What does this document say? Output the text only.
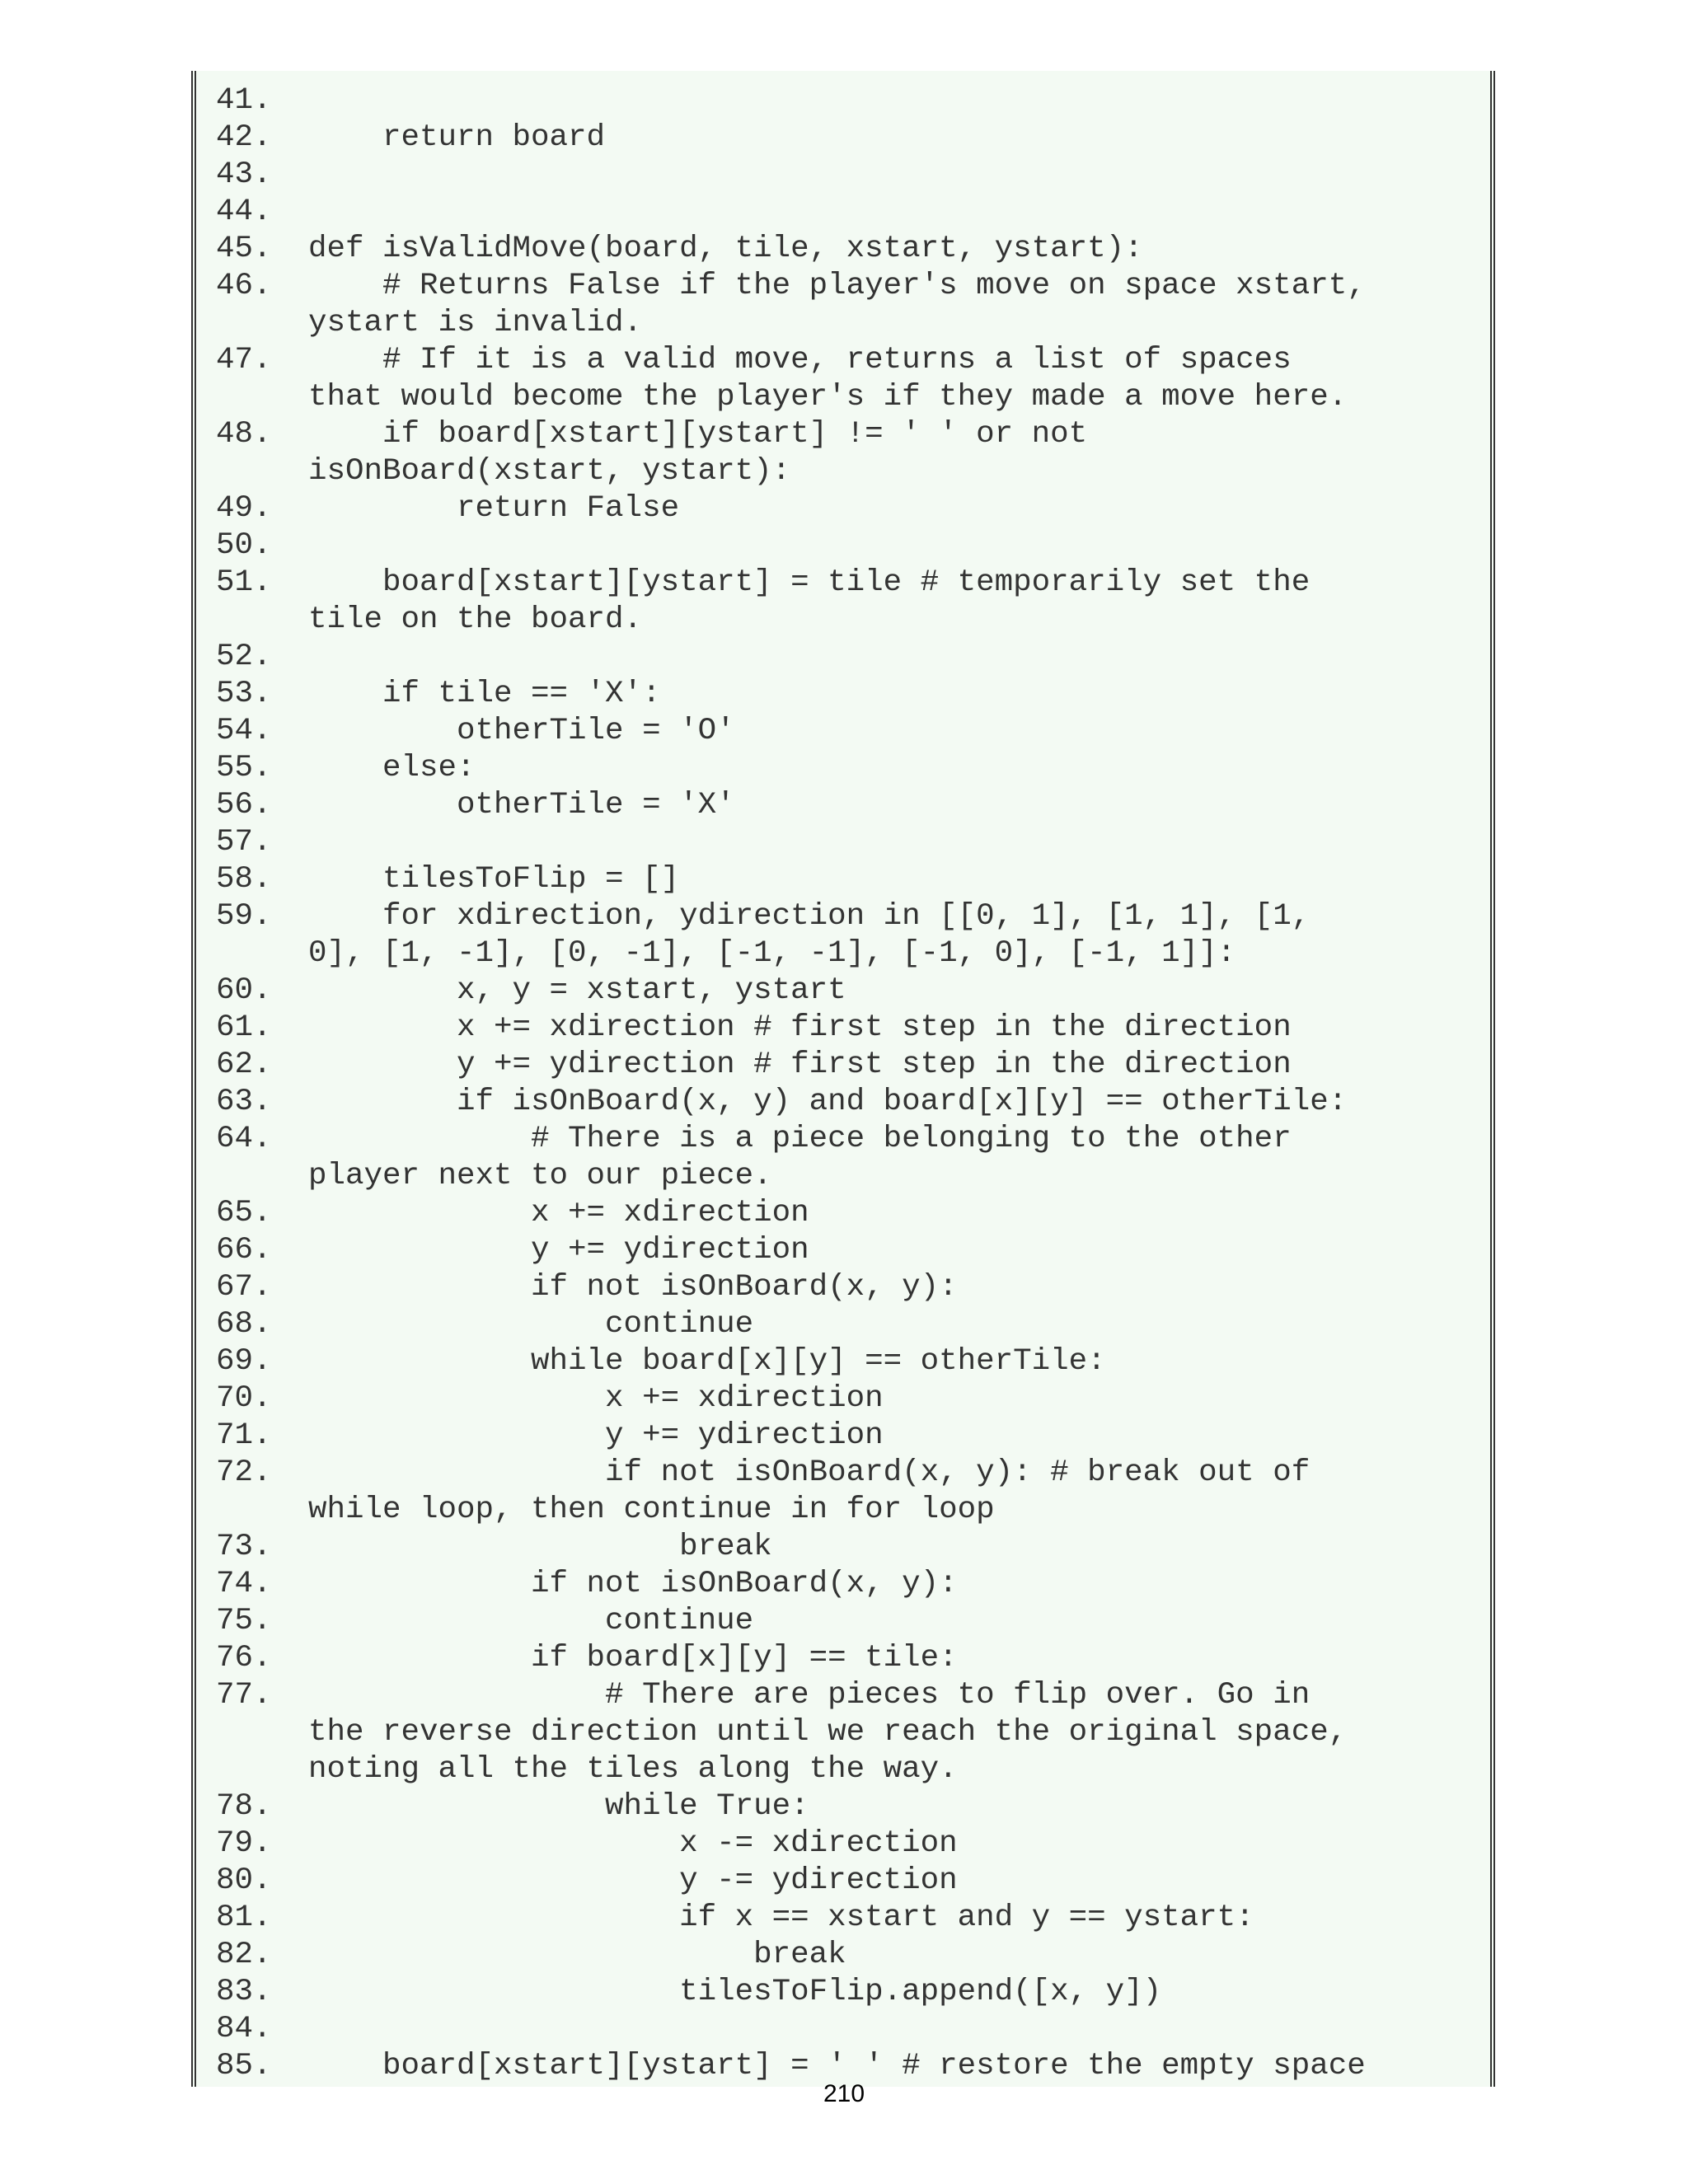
41.
42. return board
43.
44.
45. def isValidMove(board, tile, xstart, ystart):
46. # Returns False if the player's move on space xstart,
ystart is invalid.
47. # If it is a valid move, returns a list of spaces
that would become the player's if they made a move here.
48. if board[xstart][ystart] != ' ' or not
isOnBoard(xstart, ystart):
49. return False
50.
51. board[xstart][ystart] = tile # temporarily set the
tile on the board.
52.
53. if tile == 'X':
54. otherTile = 'O'
55. else:
56. otherTile = 'X'
57.
58. tilesToFlip = []
59. for xdirection, ydirection in [[0, 1], [1, 1], [1,
0], [1, -1], [0, -1], [-1, -1], [-1, 0], [-1, 1]]:
60. x, y = xstart, ystart
61. x += xdirection # first step in the direction
62. y += ydirection # first step in the direction
63. if isOnBoard(x, y) and board[x][y] == otherTile:
64. # There is a piece belonging to the other
player next to our piece.
65. x += xdirection
66. y += ydirection
67. if not isOnBoard(x, y):
68. continue
69. while board[x][y] == otherTile:
70. x += xdirection
71. y += ydirection
72. if not isOnBoard(x, y): # break out of
while loop, then continue in for loop
73. break
74. if not isOnBoard(x, y):
75. continue
76. if board[x][y] == tile:
77. # There are pieces to flip over. Go in
the reverse direction until we reach the original space,
noting all the tiles along the way.
78. while True:
79. x -= xdirection
80. y -= ydirection
81. if x == xstart and y == ystart:
82. break
83. tilesToFlip.append([x, y])
84.
85. board[xstart][ystart] = ' ' # restore the empty space
210
